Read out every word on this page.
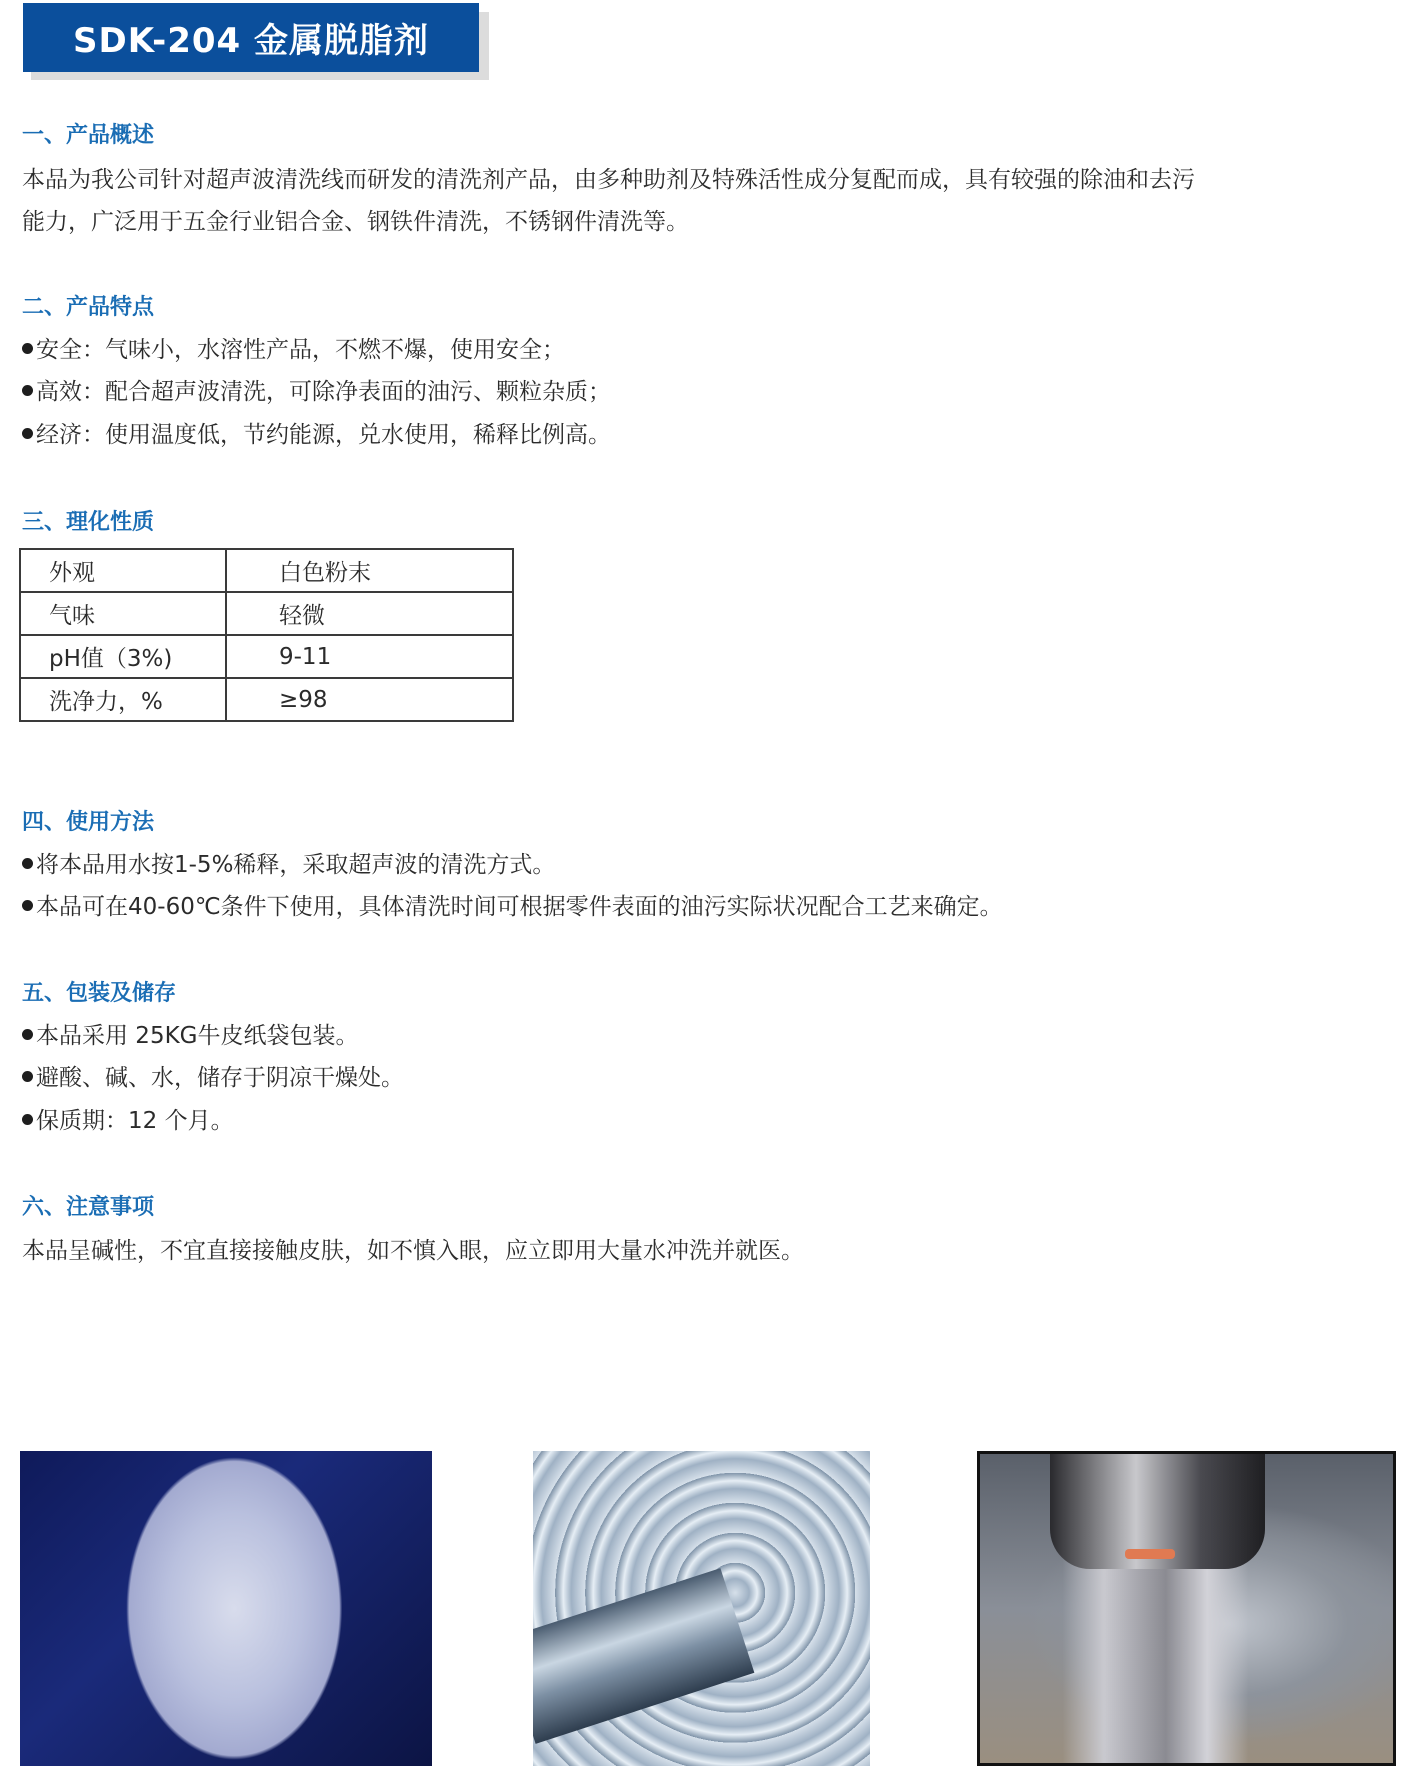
SDK-204 金属脱脂剂
一、产品概述
本品为我公司针对超声波清洗线而研发的清洗剂产品，由多种助剂及特殊活性成分复配而成，具有较强的除油和去污
能力，广泛用于五金行业铝合金、钢铁件清洗，不锈钢件清洗等。
二、产品特点
安全：气味小，水溶性产品，不燃不爆，使用安全；
高效：配合超声波清洗，可除净表面的油污、颗粒杂质；
经济：使用温度低，节约能源，兑水使用，稀释比例高。
三、理化性质
外观	白色粉末
气味	轻微
pH值（3%)	9-11
洗净力，%	≥98
四、使用方法
将本品用水按1-5%稀释，采取超声波的清洗方式。
本品可在40-60℃条件下使用，具体清洗时间可根据零件表面的油污实际状况配合工艺来确定。
五、包装及储存
本品采用 25KG牛皮纸袋包装。
避酸、碱、水，储存于阴凉干燥处。
保质期：12 个月。
六、注意事项
本品呈碱性，不宜直接接触皮肤，如不慎入眼，应立即用大量水冲洗并就医。
